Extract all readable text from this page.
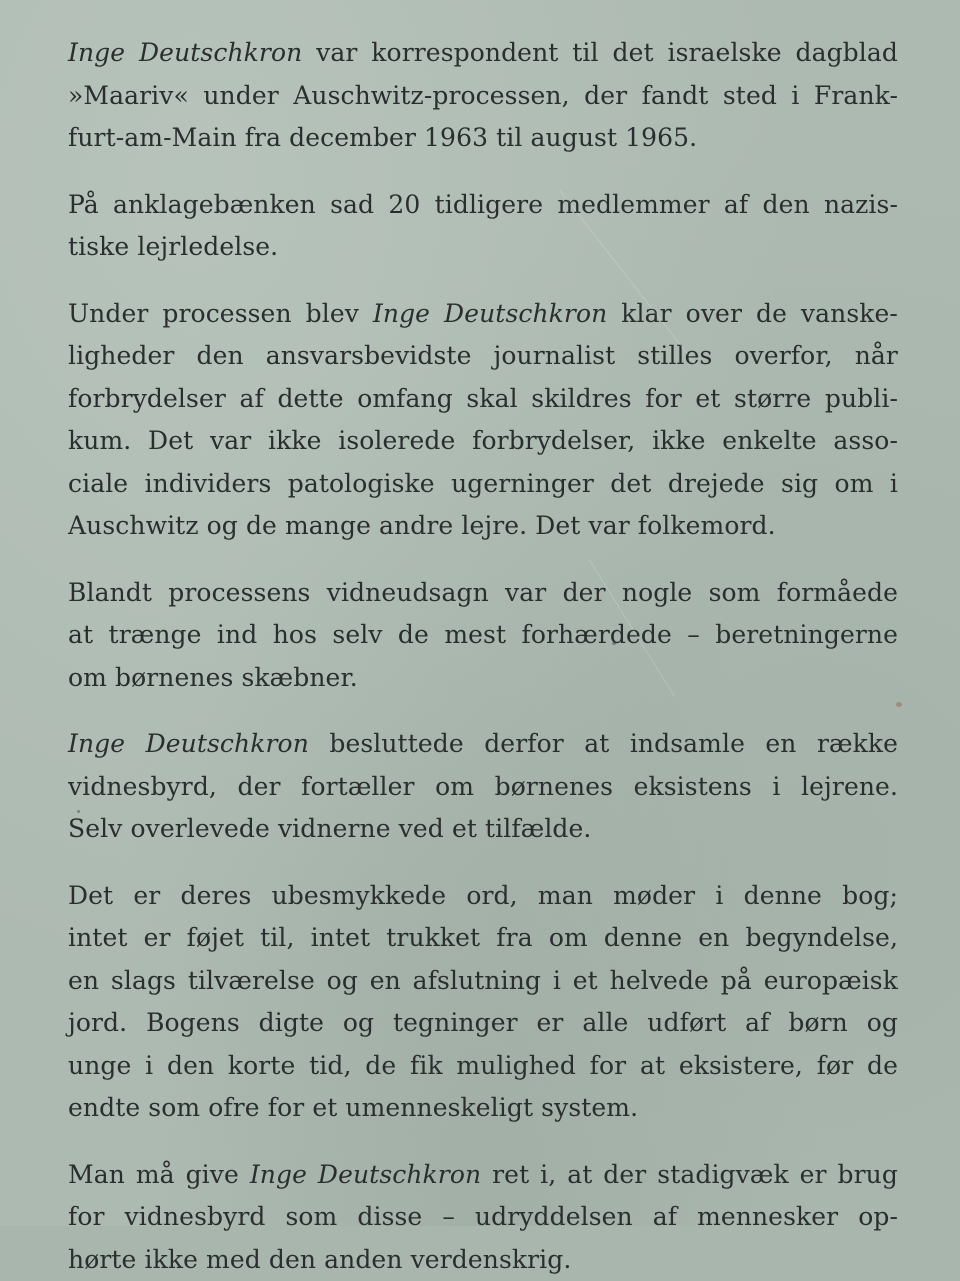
Inge Deutschkron var korrespondent til det israelske dagblad
»Maariv« under Auschwitz-processen, der fandt sted i Frank-
furt-am-Main fra december 1963 til august 1965.
På anklagebænken sad 20 tidligere medlemmer af den nazis-
tiske lejrledelse.
Under processen blev Inge Deutschkron klar over de vanske-
ligheder den ansvarsbevidste journalist stilles overfor, når
forbrydelser af dette omfang skal skildres for et større publi-
kum. Det var ikke isolerede forbrydelser, ikke enkelte asso-
ciale individers patologiske ugerninger det drejede sig om i
Auschwitz og de mange andre lejre. Det var folkemord.
Blandt processens vidneudsagn var der nogle som formåede
at trænge ind hos selv de mest forhærdede – beretningerne
om børnenes skæbner.
Inge Deutschkron besluttede derfor at indsamle en række
vidnesbyrd, der fortæller om børnenes eksistens i lejrene.
Selv overlevede vidnerne ved et tilfælde.
Det er deres ubesmykkede ord, man møder i denne bog;
intet er føjet til, intet trukket fra om denne en begyndelse,
en slags tilværelse og en afslutning i et helvede på europæisk
jord. Bogens digte og tegninger er alle udført af børn og
unge i den korte tid, de fik mulighed for at eksistere, før de
endte som ofre for et umenneskeligt system.
Man må give Inge Deutschkron ret i, at der stadigvæk er brug
for vidnesbyrd som disse – udryddelsen af mennesker op-
hørte ikke med den anden verdenskrig.
